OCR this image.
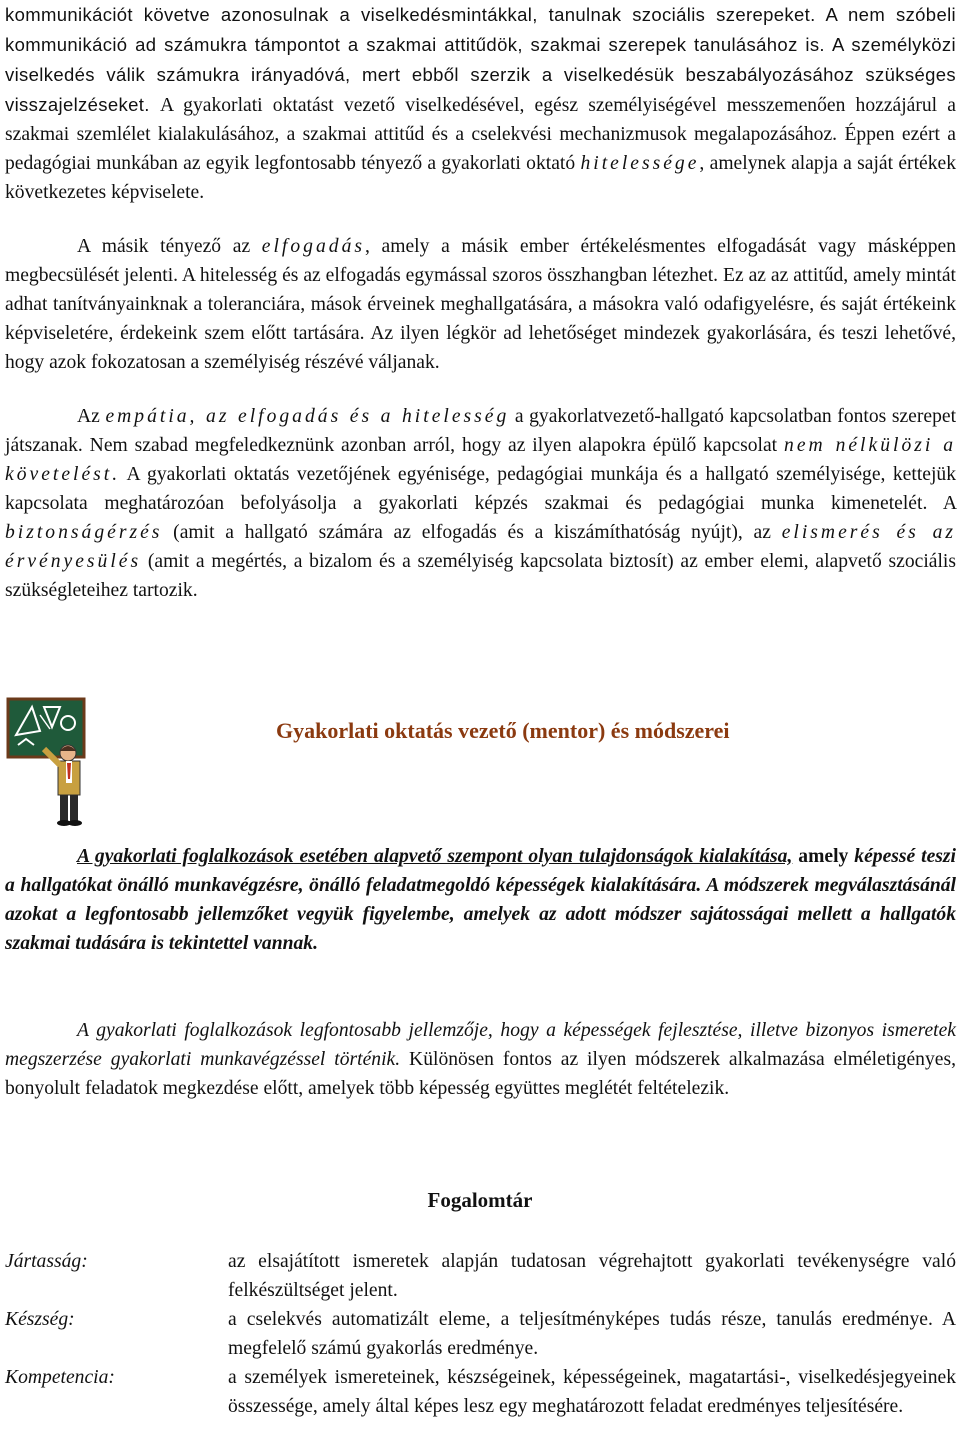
kommunikációt követve azonosulnak a viselkedésmintákkal, tanulnak szociális szerepeket. A nem szóbeli kommunikáció ad számukra támpontot a szakmai attitűdök, szakmai szerepek tanulásához is. A személyközi viselkedés válik számukra irányadóvá, mert ebből szerzik a viselkedésük beszabályozásához szükséges visszajelzéseket. A gyakorlati oktatást vezető viselkedésével, egész személyiségével messzemenően hozzájárul a szakmai szemlélet kialakulásához, a szakmai attitűd és a cselekvési mechanizmusok megalapozásához. Éppen ezért a pedagógiai munkában az egyik legfontosabb tényező a gyakorlati oktató hitelessége, amelynek alapja a saját értékek következetes képviselete.

A másik tényező az elfogadás, amely a másik ember értékelésmentes elfogadását vagy másképpen megbecsülését jelenti. A hitelesség és az elfogadás egymással szoros összhangban létezhet. Ez az az attitűd, amely mintát adhat tanítványainknak a toleranciára, mások érveinek meghallgatására, a másokra való odafigyelésre, és saját értékeink képviseletére, érdekeink szem előtt tartására. Az ilyen légkör ad lehetőséget mindezek gyakorlására, és teszi lehetővé, hogy azok fokozatosan a személyiség részévé váljanak.

Az empátia, az elfogadás és a hitelesség a gyakorlatvezető-hallgató kapcsolatban fontos szerepet játszanak. Nem szabad megfeledkeznünk azonban arról, hogy az ilyen alapokra épülő kapcsolat nem nélkülözi a követelést. A gyakorlati oktatás vezetőjének egyénisége, pedagógiai munkája és a hallgató személyisége, kettejük kapcsolata meghatározóan befolyásolja a gyakorlati képzés szakmai és pedagógiai munka kimenetelét. A biztonságérzés (amit a hallgató számára az elfogadás és a kiszámíthatóság nyújt), az elismerés és az érvényesülés (amit a megértés, a bizalom és a személyiség kapcsolata biztosít) az ember elemi, alapvető szociális szükségleteihez tartozik.

Gyakorlati oktatás vezető (mentor) és módszerei

A gyakorlati foglalkozások esetében alapvető szempont olyan tulajdonságok kialakítása, amely képessé teszi a hallgatókat önálló munkavégzésre, önálló feladatmegoldó képességek kialakítására. A módszerek megválasztásánál azokat a legfontosabb jellemzőket vegyük figyelembe, amelyek az adott módszer sajátosságai mellett a hallgatók szakmai tudására is tekintettel vannak.

A gyakorlati foglalkozások legfontosabb jellemzője, hogy a képességek fejlesztése, illetve bizonyos ismeretek megszerzése gyakorlati munkavégzéssel történik. Különösen fontos az ilyen módszerek alkalmazása elméletigényes, bonyolult feladatok megkezdése előtt, amelyek több képesség együttes meglétét feltételezik.

Fogalomtár
Jártasság:	az elsajátított ismeretek alapján tudatosan végrehajtott gyakorlati tevékenységre való felkészültséget jelent.
Készség:	a cselekvés automatizált eleme, a teljesítményképes tudás része, tanulás eredménye. A megfelelő számú gyakorlás eredménye.
Kompetencia:	a személyek ismereteinek, készségeinek, képességeinek, magatartási-, viselkedésjegyeinek összessége, amely által képes lesz egy meghatározott feladat eredményes teljesítésére.
